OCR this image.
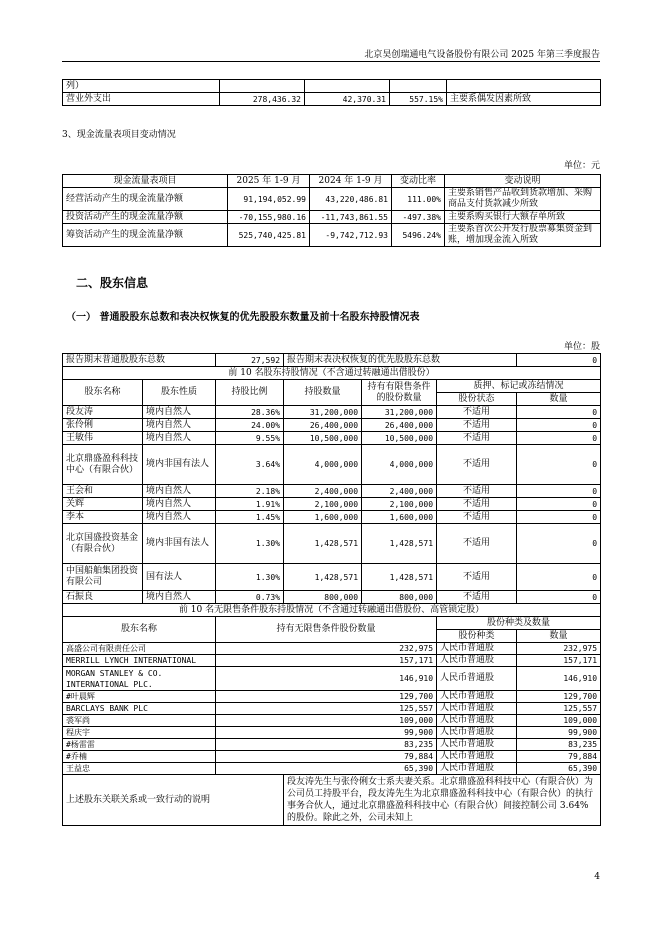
北京昊创瑞通电气设备股份有限公司 2025 年第三季度报告
列）				
营业外支出	278,436.32	42,370.31	557.15%	主要系偶发因素所致
3、现金流量表项目变动情况
单位：元
现金流量表项目	2025 年 1-9 月	2024 年 1-9 月	变动比率	变动说明
经营活动产生的现金流量净额	91,194,052.99	43,220,486.81	111.00%	主要系销售产品收到货款增加、采购商品支付货款减少所致
投资活动产生的现金流量净额	-70,155,980.16	-11,743,861.55	-497.38%	主要系购买银行大额存单所致
筹资活动产生的现金流量净额	525,740,425.81	-9,742,712.93	5496.24%	主要系首次公开发行股票募集资金到账，增加现金流入所致
二、股东信息
（一） 普通股股东总数和表决权恢复的优先股股东数量及前十名股东持股情况表
单位：股
报告期末普通股股东总数		27,592	报告期末表决权恢复的优先股股东总数			0
前 10 名股东持股情况（不含通过转融通出借股份）						
股东名称	股东性质	持股比例	持股数量	持有有限售条件的股份数量	质押、标记或冻结情况	
					股份状态	数量
段友涛	境内自然人	28.36%	31,200,000	31,200,000	不适用	0
张伶俐	境内自然人	24.00%	26,400,000	26,400,000	不适用	0
王敏伟	境内自然人	9.55%	10,500,000	10,500,000	不适用	0
北京鼎盛盈科科技中心（有限合伙）	境内非国有法人	3.64%	4,000,000	4,000,000	不适用	0
王会和	境内自然人	2.18%	2,400,000	2,400,000	不适用	0
关辉	境内自然人	1.91%	2,100,000	2,100,000	不适用	0
李本	境内自然人	1.45%	1,600,000	1,600,000	不适用	0
北京国盛投资基金（有限合伙）	境内非国有法人	1.30%	1,428,571	1,428,571	不适用	0
中国船舶集团投资有限公司	国有法人	1.30%	1,428,571	1,428,571	不适用	0
石振良	境内自然人	0.73%	800,000	800,000	不适用	0
前 10 名无限售条件股东持股情况（不含通过转融通出借股份、高管锁定股）						
股东名称		持有无限售条件股份数量			股份种类及数量	
					股份种类	数量
高盛公司有限责任公司		232,975			人民币普通股	232,975
MERRILL LYNCH INTERNATIONAL		157,171			人民币普通股	157,171
MORGAN STANLEY & CO. INTERNATIONAL PLC.		146,910			人民币普通股	146,910
#叶晨辉		129,700			人民币普通股	129,700
BARCLAYS BANK PLC		125,557			人民币普通股	125,557
裘军尚		109,000			人民币普通股	109,000
程庆宇		99,900			人民币普通股	99,900
#杨雷雷		83,235			人民币普通股	83,235
#乔楠		79,884			人民币普通股	79,884
王益忠		65,390			人民币普通股	65,390
上述股东关联关系或一致行动的说明			段友涛先生与张伶俐女士系夫妻关系。北京鼎盛盈科科技中心（有限合伙）为公司员工持股平台，段友涛先生为北京鼎盛盈科科技中心（有限合伙）的执行事务合伙人，通过北京鼎盛盈科科技中心（有限合伙）间接控制公司 3.64%的股份。除此之外，公司未知上			
4
